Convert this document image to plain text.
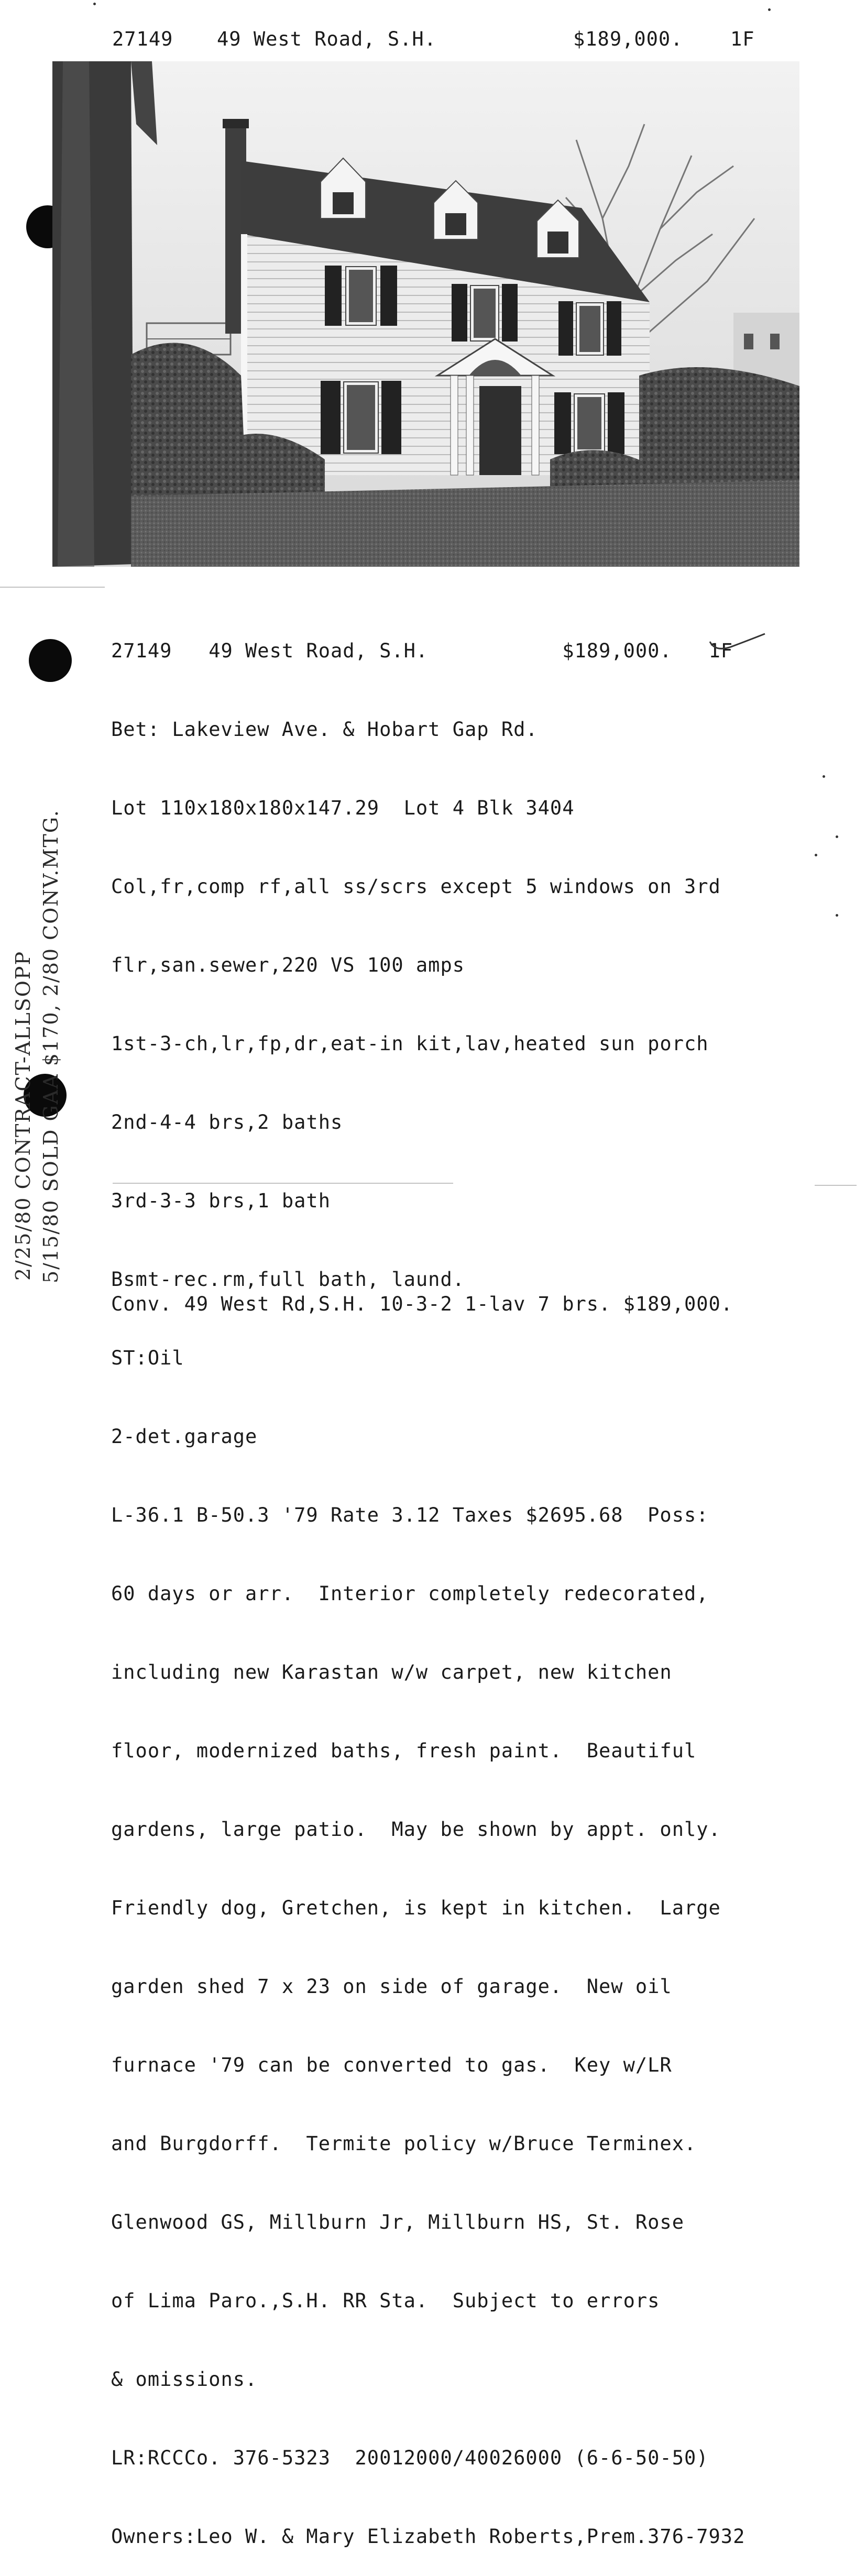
27149

49 West Road, S.H.

	$189,000.

1F

27149   49 West Road, S.H.           $189,000.   1F

Bet: Lakeview Ave. & Hobart Gap Rd.

Lot 110x180x180x147.29  Lot 4 Blk 3404

Col,fr,comp rf,all ss/scrs except 5 windows on 3rd

flr,san.sewer,220 VS 100 amps

1st-3-ch,lr,fp,dr,eat-in kit,lav,heated sun porch

2nd-4-4 brs,2 baths

3rd-3-3 brs,1 bath

Bsmt-rec.rm,full bath, laund.

ST:Oil

2-det.garage

L-36.1 B-50.3 '79 Rate 3.12 Taxes $2695.68  Poss:

60 days or arr.  Interior completely redecorated,

including new Karastan w/w carpet, new kitchen

floor, modernized baths, fresh paint.  Beautiful

gardens, large patio.  May be shown by appt. only.

Friendly dog, Gretchen, is kept in kitchen.  Large

garden shed 7 x 23 on side of garage.  New oil

furnace '79 can be converted to gas.  Key w/LR

and Burgdorff.  Termite policy w/Bruce Terminex.

Glenwood GS, Millburn Jr, Millburn HS, St. Rose

of Lima Paro.,S.H. RR Sta.  Subject to errors

& omissions.

LR:RCCCo. 376-5323  20012000/40026000 (6-6-50-50)

Owners:Leo W. & Mary Elizabeth Roberts,Prem.376-7932

2/25/80 CONTRACT-ALLSOPP 5/15/80 SOLD GAA $170, 2/80 CONV.MTG.
Conv. 49 West Rd,S.H. 10-3-2 1-lav 7 brs. $189,000.
